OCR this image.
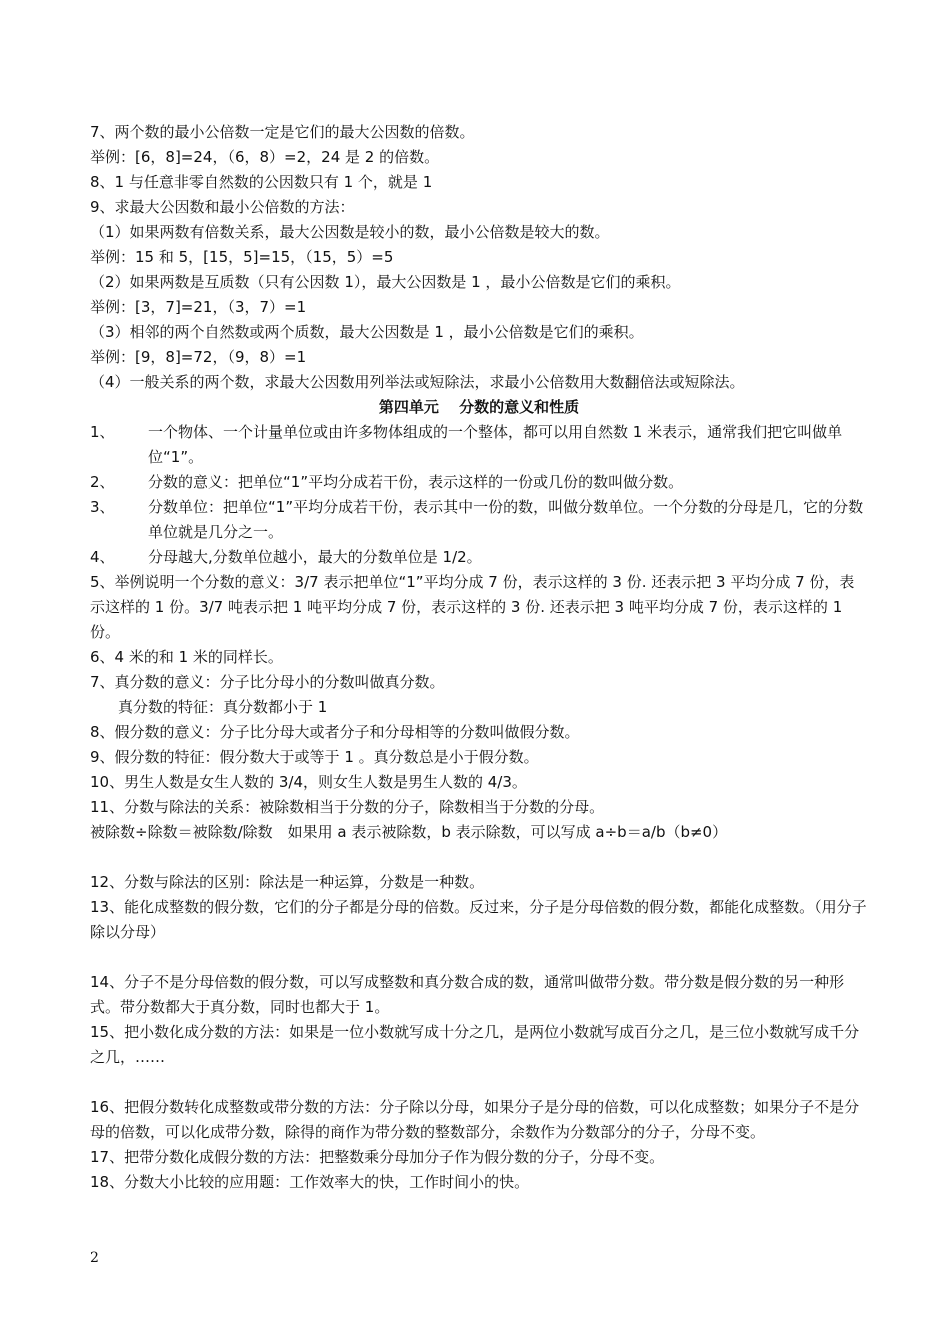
7、两个数的最小公倍数一定是它们的最大公因数的倍数。
举例：[6，8]=24，（6，8）=2，24 是 2 的倍数。
8、1 与任意非零自然数的公因数只有 1 个，就是 1
9、求最大公因数和最小公倍数的方法：
（1）如果两数有倍数关系，最大公因数是较小的数，最小公倍数是较大的数。
举例：15 和 5，[15，5]=15，（15，5）=5
（2）如果两数是互质数（只有公因数 1），最大公因数是 1 ，最小公倍数是它们的乘积。
举例：[3，7]=21，（3，7）=1
（3）相邻的两个自然数或两个质数，最大公因数是 1 ，最小公倍数是它们的乘积。
举例：[9，8]=72，（9，8）=1
（4）一般关系的两个数，求最大公因数用列举法或短除法，求最小公倍数用大数翻倍法或短除法。
第四单元　 分数的意义和性质
1、	一个物体、一个计量单位或由许多物体组成的一个整体，都可以用自然数 1 米表示，通常我们把它叫做单位“1”。
2、	分数的意义：把单位“1”平均分成若干份，表示这样的一份或几份的数叫做分数。
3、	分数单位：把单位“1”平均分成若干份，表示其中一份的数，叫做分数单位。一个分数的分母是几，它的分数单位就是几分之一。
4、	分母越大,分数单位越小，最大的分数单位是 1/2。
5、举例说明一个分数的意义：3/7 表示把单位“1”平均分成 7 份，表示这样的 3 份. 还表示把 3 平均分成 7 份，表示这样的 1 份。3/7 吨表示把 1 吨平均分成 7 份，表示这样的 3 份. 还表示把 3 吨平均分成 7 份，表示这样的 1 份。
6、4 米的和 1 米的同样长。
7、真分数的意义：分子比分母小的分数叫做真分数。
真分数的特征：真分数都小于 1
8、假分数的意义：分子比分母大或者分子和分母相等的分数叫做假分数。
9、假分数的特征：假分数大于或等于 1 。真分数总是小于假分数。
10、男生人数是女生人数的 3/4，则女生人数是男生人数的 4/3。
11、分数与除法的关系：被除数相当于分数的分子，除数相当于分数的分母。
被除数÷除数＝被除数/除数　如果用 a 表示被除数，b 表示除数，可以写成 a÷b＝a/b（b≠0）
12、分数与除法的区别：除法是一种运算，分数是一种数。
13、能化成整数的假分数，它们的分子都是分母的倍数。反过来，分子是分母倍数的假分数，都能化成整数。（用分子除以分母）
14、分子不是分母倍数的假分数，可以写成整数和真分数合成的数，通常叫做带分数。带分数是假分数的另一种形式。带分数都大于真分数，同时也都大于 1。
15、把小数化成分数的方法：如果是一位小数就写成十分之几，是两位小数就写成百分之几，是三位小数就写成千分之几，……
16、把假分数转化成整数或带分数的方法：分子除以分母，如果分子是分母的倍数，可以化成整数；如果分子不是分母的倍数，可以化成带分数，除得的商作为带分数的整数部分，余数作为分数部分的分子，分母不变。
17、把带分数化成假分数的方法：把整数乘分母加分子作为假分数的分子，分母不变。
18、分数大小比较的应用题：工作效率大的快，工作时间小的快。
2
